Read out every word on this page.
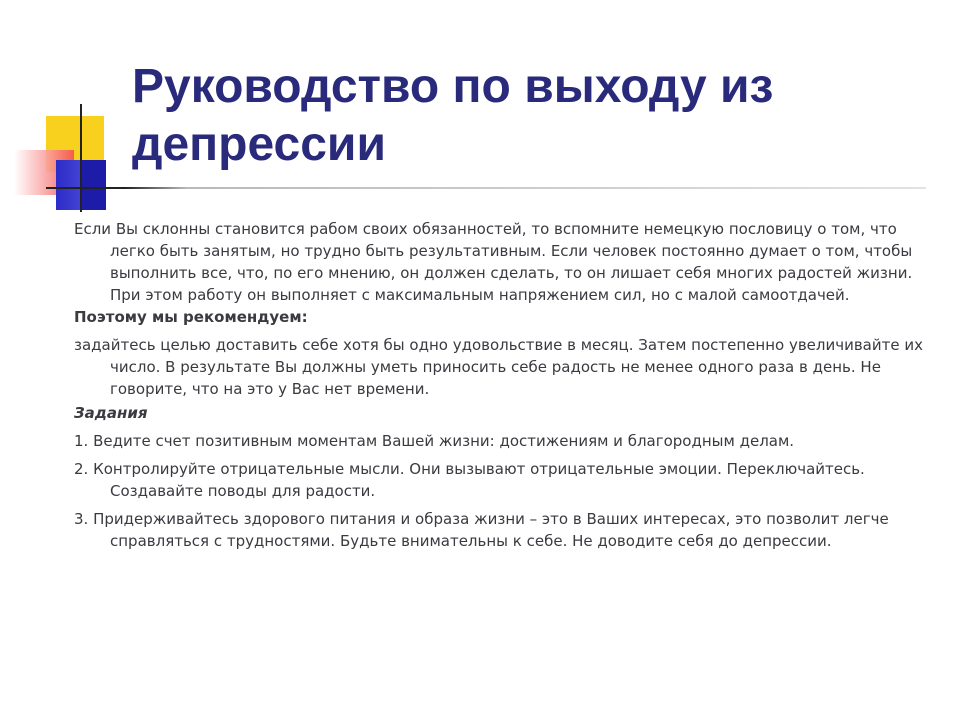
Руководство по выходу из депрессии

Если Вы склонны становится рабом своих обязанностей, то вспомните немецкую пословицу о том, что легко быть занятым, но трудно быть результативным. Если человек постоянно думает о том, чтобы выполнить все, что, по его мнению, он должен сделать, то он лишает себя многих радостей жизни. При этом работу он выполняет с максимальным напряжением сил, но с малой самоотдачей.

Поэтому мы рекомендуем:

задайтесь целью доставить себе хотя бы одно удовольствие в месяц. Затем постепенно увеличивайте их число. В результате Вы должны уметь приносить себе радость не менее одного раза в день. Не говорите, что на это у Вас нет времени.

Задания

1. Ведите счет позитивным моментам Вашей жизни: достижениям и благородным делам.

2. Контролируйте отрицательные мысли. Они вызывают отрицательные эмоции. Переключайтесь. Создавайте поводы для радости.

3. Придерживайтесь здорового питания и образа жизни – это в Ваших интересах, это позволит легче справляться с трудностями. Будьте внимательны к себе. Не доводите себя до депрессии.
